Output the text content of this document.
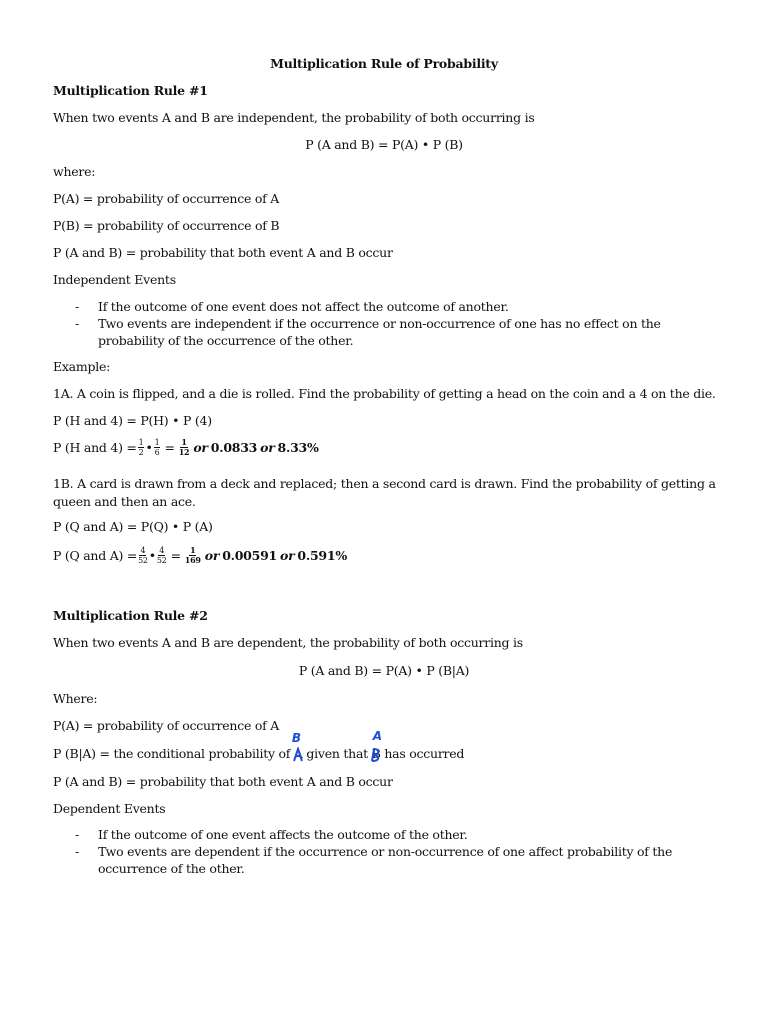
Multiplication Rule of Probability
Multiplication Rule #1
When two events A and B are independent, the probability of both occurring is
P (A and B) = P(A) • P (B)
where:
P(A) = probability of occurrence of A
P(B) = probability of occurrence of B
P (A and B) = probability that both event A and B occur
Independent Events
- If the outcome of one event does not affect the outcome of another.
- Two events are independent if the occurrence or non-occurrence of one has no effect on the probability of the occurrence of the other.
Example:
1A. A coin is flipped, and a die is rolled. Find the probability of getting a head on the coin and a 4 on the die.
P (H and 4) = P(H) • P (4)
P (H and $4) = \frac{1}{2}$ • $\frac{1}{6} = \frac{1}{12}$ or 0.0833 or 8.33%
1B. A card is drawn from a deck and replaced; then a second card is drawn. Find the probability of getting a queen and then an ace.
P (Q and A) = P(Q) • P (A)
P (Q and $A) = \frac{4}{52}$ • $\frac{4}{52} = \frac{1}{169}$ or 0.00591 or 0.591%
Multiplication Rule #2
When two events A and B are dependent, the probability of both occurring is
P (A and B) = P(A) • P (B|A)
Where:
P(A) = probability of occurrence of A
P (B|A) = the conditional probability of A
B
given that B
A
has occurred
P (A and B) = probability that both event A and B occur
Dependent Events
- If the outcome of one event affects the outcome of the other.
- Two events are dependent if the occurrence or non-occurrence of one affect probability of the occurrence of the other.
